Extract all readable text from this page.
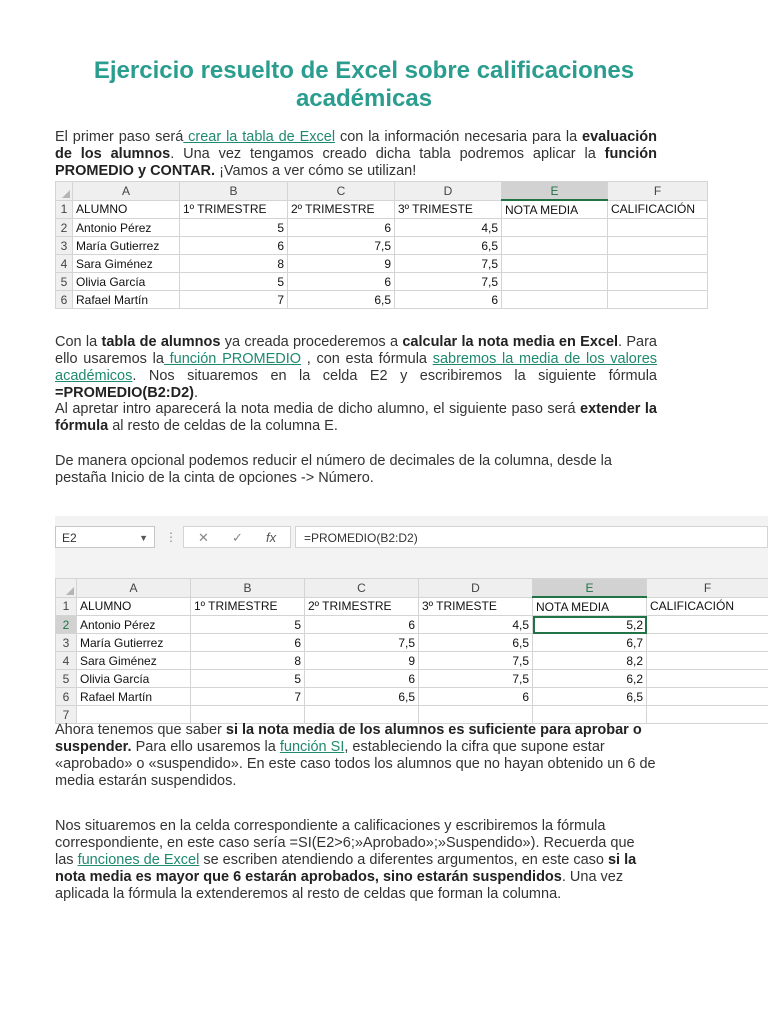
Ejercicio resuelto de Excel sobre calificaciones académicas

El primer paso será crear la tabla de Excel con la información necesaria para la evaluación de los alumnos. Una vez tengamos creado dicha tabla podremos aplicar la función PROMEDIO y CONTAR. ¡Vamos a ver cómo se utilizan!

	A	B	C	D	E	F
1	ALUMNO	1º TRIMESTRE	2º TRIMESTRE	3º TRIMESTE	NOTA MEDIA	CALIFICACIÓN
2	Antonio Pérez	5	6	4,5		
3	María Gutierrez	6	7,5	6,5		
4	Sara Giménez	8	9	7,5		
5	Olivia García	5	6	7,5		
6	Rafael Martín	7	6,5	6		

Con la tabla de alumnos ya creada procederemos a calcular la nota media en Excel. Para ello usaremos la función PROMEDIO , con esta fórmula sabremos la media de los valores académicos. Nos situaremos en la celda E2 y escribiremos la siguiente fórmula =PROMEDIO(B2:D2).

Al apretar intro aparecerá la nota media de dicho alumno, el siguiente paso será extender la fórmula al resto de celdas de la columna E.

De manera opcional podemos reducir el número de decimales de la columna, desde la pestaña Inicio de la cinta de opciones -> Número.

E2	▼ ⋮ ✕ ✓ fx	=PROMEDIO(B2:D2)
	A	B	C	D	E	F
1	ALUMNO	1º TRIMESTRE	2º TRIMESTRE	3º TRIMESTE	NOTA MEDIA	CALIFICACIÓN
2	Antonio Pérez	5	6	4,5	5,2	
3	María Gutierrez	6	7,5	6,5	6,7	
4	Sara Giménez	8	9	7,5	8,2	
5	Olivia García	5	6	7,5	6,2	
6	Rafael Martín	7	6,5	6	6,5	
7						

Ahora tenemos que saber si la nota media de los alumnos es suficiente para aprobar o suspender. Para ello usaremos la función SI, estableciendo la cifra que supone estar «aprobado» o «suspendido». En este caso todos los alumnos que no hayan obtenido un 6 de media estarán suspendidos.

Nos situaremos en la celda correspondiente a calificaciones y escribiremos la fórmula correspondiente, en este caso sería =SI(E2>6;»Aprobado»;»Suspendido»). Recuerda que las funciones de Excel se escriben atendiendo a diferentes argumentos, en este caso si la nota media es mayor que 6 estarán aprobados, sino estarán suspendidos. Una vez aplicada la fórmula la extenderemos al resto de celdas que forman la columna.
